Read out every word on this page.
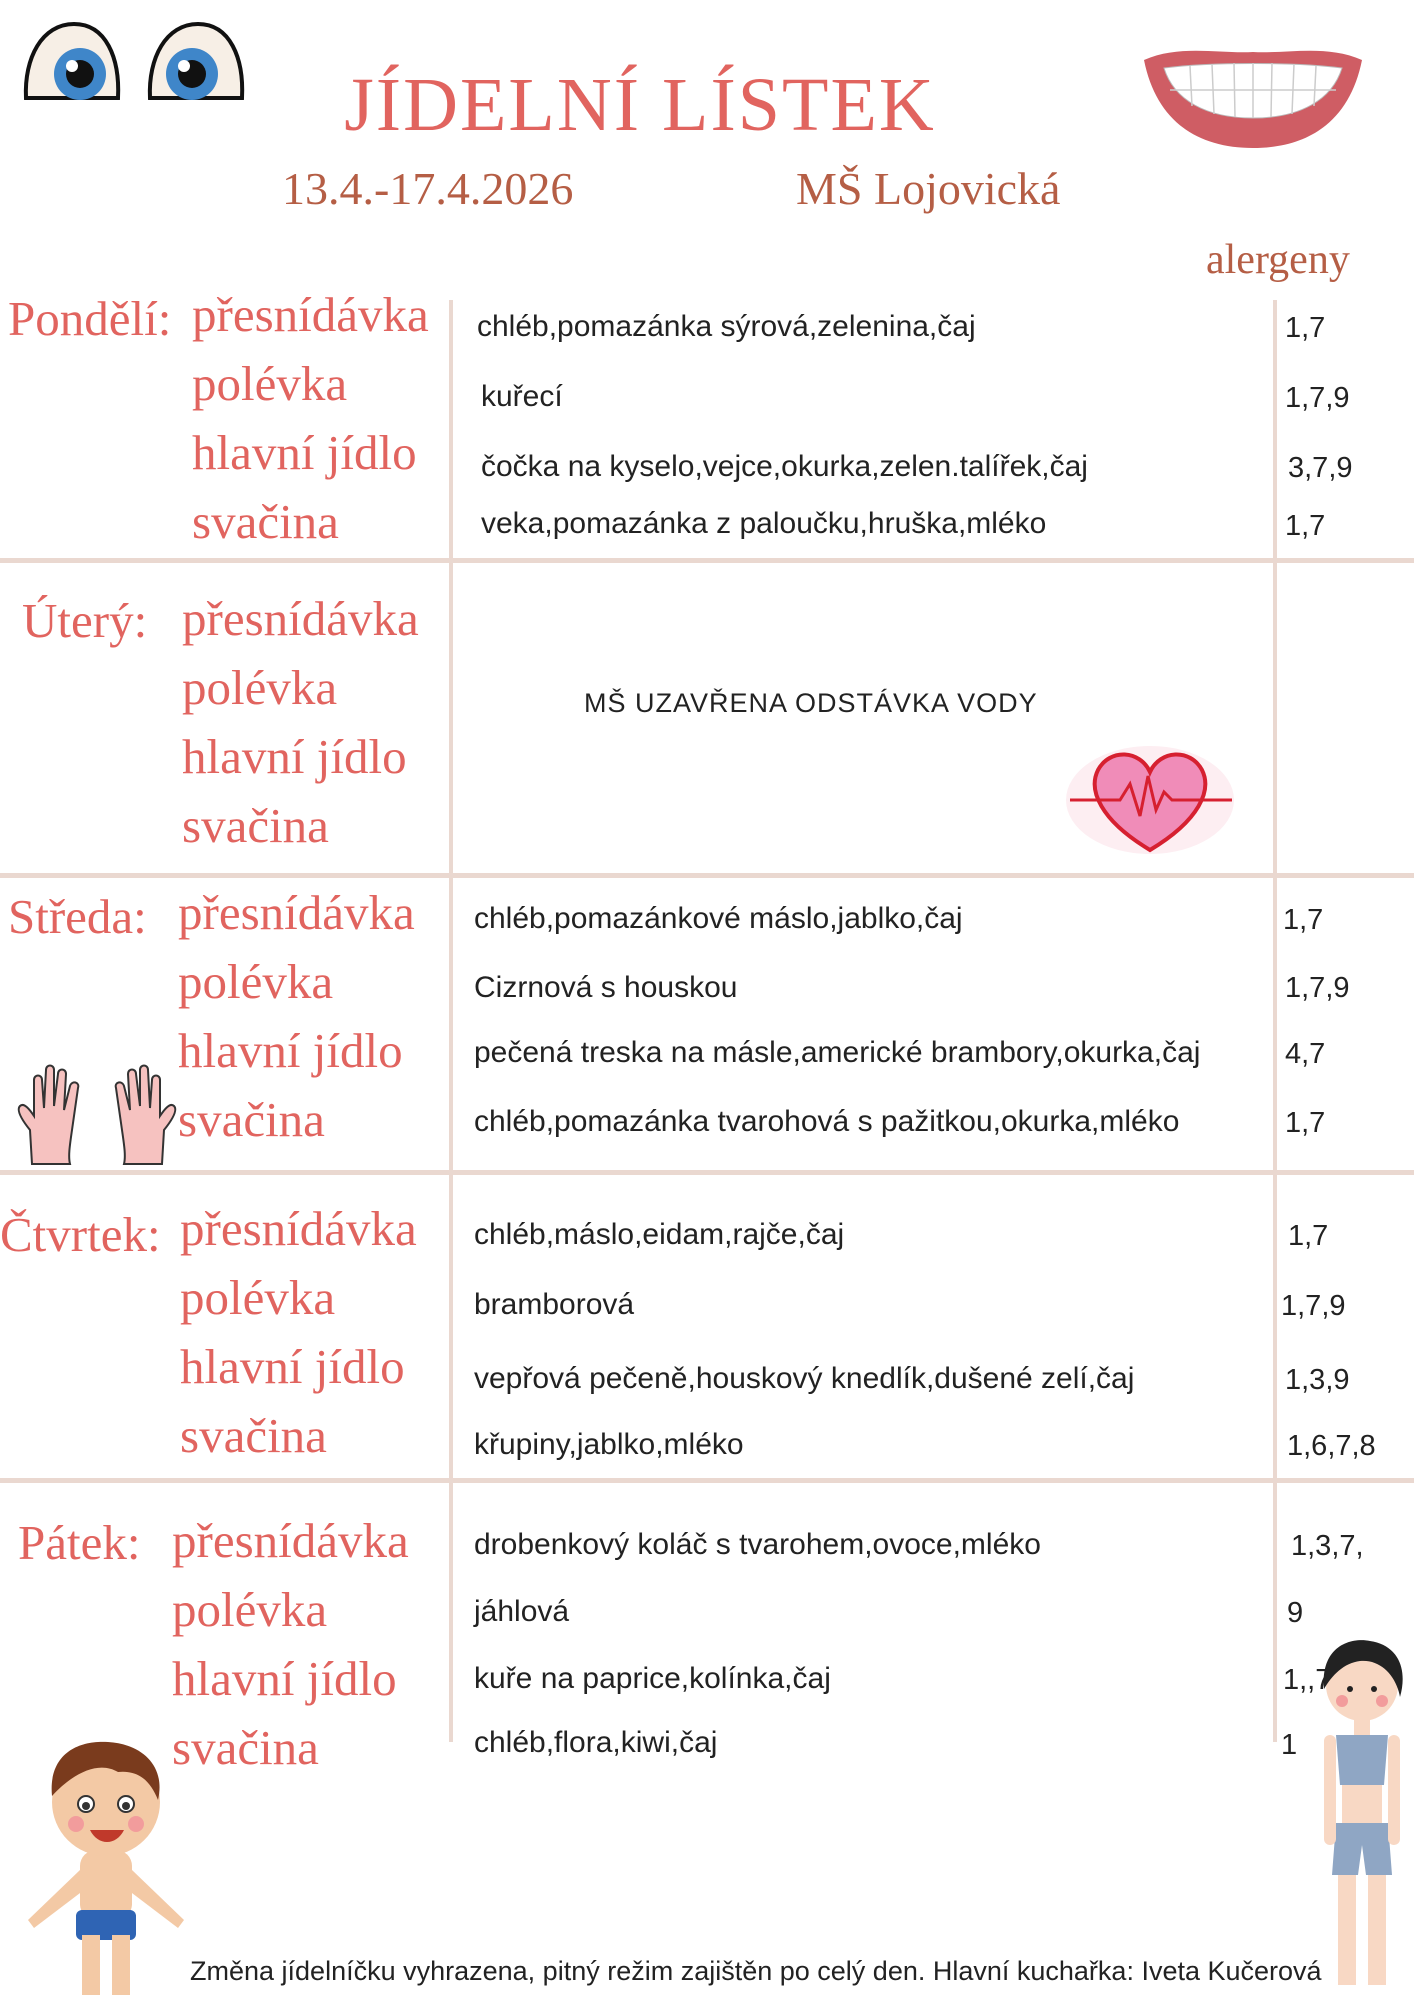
JÍDELNÍ LÍSTEK
13.4.-17.4.2026	MŠ Lojovická
alergeny
Pondělí: přesnídávka
polévka
hlavní jídlo
svačina
chléb,pomazánka sýrová,zelenina,čaj
kuřecí
čočka na kyselo,vejce,okurka,zelen.talířek,čaj
veka,pomazánka z paloučku,hruška,mléko
1,7
1,7,9
3,7,9
1,7
Úterý: přesnídávka
polévka
hlavní jídlo
svačina
MŠ UZAVŘENA ODSTÁVKA VODY
Středa: přesnídávka
polévka
hlavní jídlo
svačina
chléb,pomazánkové máslo,jablko,čaj
Cizrnová s houskou
pečená treska na másle,americké brambory,okurka,čaj
chléb,pomazánka tvarohová s pažitkou,okurka,mléko
1,7
1,7,9
4,7
1,7
Čtvrtek: přesnídávka
polévka
hlavní jídlo
svačina
chléb,máslo,eidam,rajče,čaj
bramborová
vepřová pečeně,houskový knedlík,dušené zelí,čaj
křupiny,jablko,mléko
1,7
1,7,9
1,3,9
1,6,7,8
Pátek: přesnídávka
polévka
hlavní jídlo
svačina
drobenkový koláč s tvarohem,ovoce,mléko
jáhlová
kuře na paprice,kolínka,čaj
chléb,flora,kiwi,čaj
1,3,7,
9
1,,7
1
Změna jídelníčku vyhrazena, pitný režim zajištěn po celý den. Hlavní kuchařka: Iveta Kučerová
